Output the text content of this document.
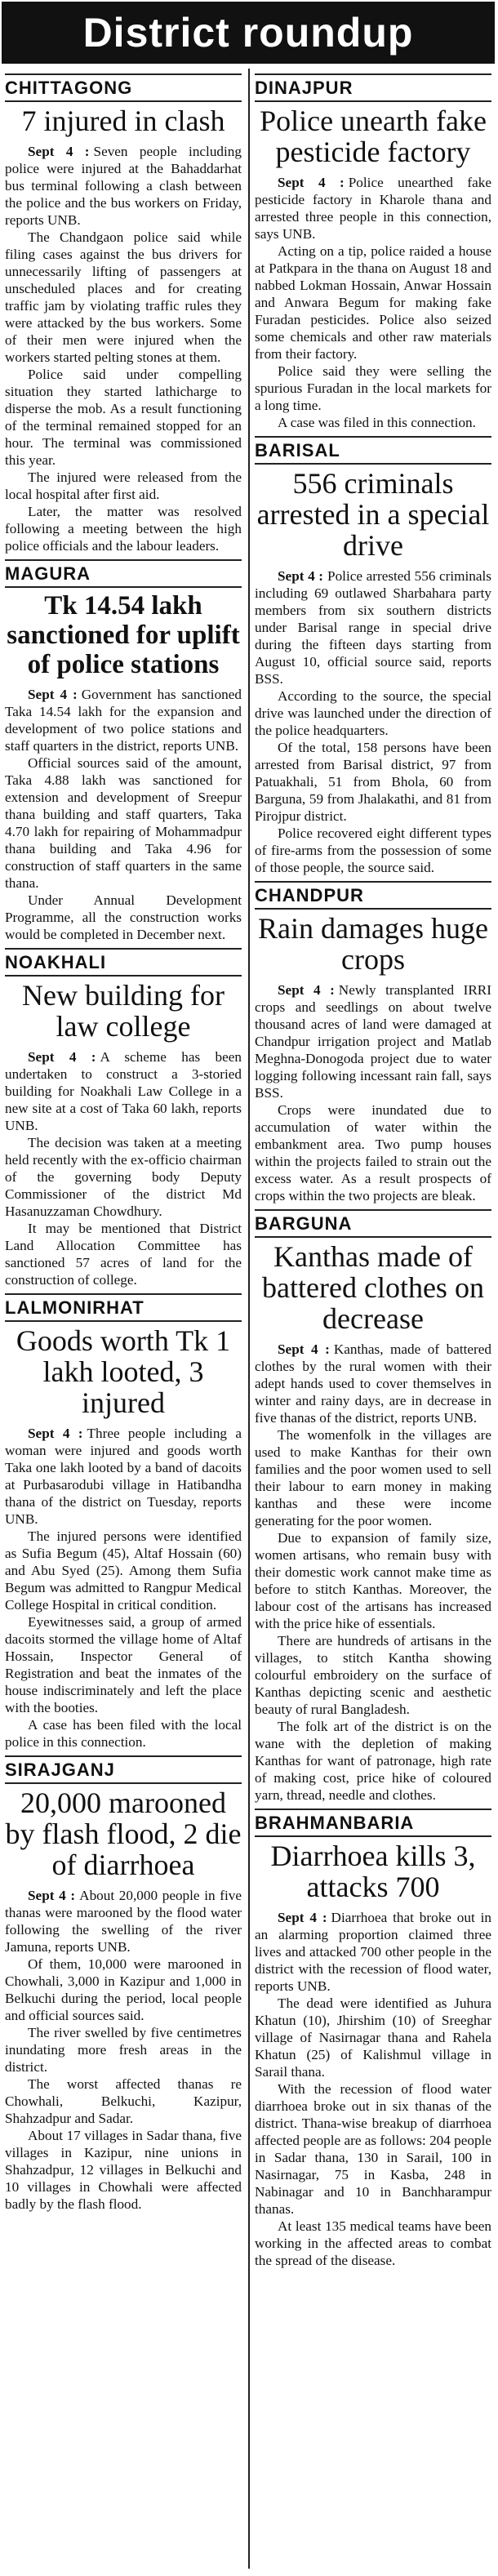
District roundup
CHITTAGONG
7 injured in clash

Sept 4 : Seven people including police were injured at the Bahaddarhat bus terminal following a clash between the police and the bus workers on Friday, reports UNB.

The Chandgaon police said while filing cases against the bus drivers for unnecessarily lifting of passengers at unscheduled places and for creating traffic jam by violating traffic rules they were attacked by the bus workers. Some of their men were injured when the workers started pelting stones at them.

Police said under compelling situation they started lathicharge to disperse the mob. As a result functioning of the terminal remained stopped for an hour. The terminal was commissioned this year.

The injured were released from the local hospital after first aid.

Later, the matter was resolved following a meeting between the high police officials and the labour leaders.

MAGURA
Tk 14.54 lakh sanctioned for uplift of police stations

Sept 4 : Government has sanctioned Taka 14.54 lakh for the expansion and development of two police stations and staff quarters in the district, reports UNB.

Official sources said of the amount, Taka 4.88 lakh was sanctioned for extension and development of Sreepur thana building and staff quarters, Taka 4.70 lakh for repairing of Mohammadpur thana building and Taka 4.96 for construction of staff quarters in the same thana.

Under Annual Development Programme, all the construction works would be completed in December next.

NOAKHALI
New building for law college

Sept 4 : A scheme has been undertaken to construct a 3-storied building for Noakhali Law College in a new site at a cost of Taka 60 lakh, reports UNB.

The decision was taken at a meeting held recently with the ex-officio chairman of the governing body Deputy Commissioner of the district Md Hasanuzzaman Chowdhury.

It may be mentioned that District Land Allocation Committee has sanctioned 57 acres of land for the construction of college.

LALMONIRHAT
Goods worth Tk 1 lakh looted, 3 injured

Sept 4 : Three people including a woman were injured and goods worth Taka one lakh looted by a band of dacoits at Purbasarodubi village in Hatibandha thana of the district on Tuesday, reports UNB.

The injured persons were identified as Sufia Begum (45), Altaf Hossain (60) and Abu Syed (25). Among them Sufia Begum was admitted to Rangpur Medical College Hospital in critical condition.

Eyewitnesses said, a group of armed dacoits stormed the village home of Altaf Hossain, Inspector General of Registration and beat the inmates of the house indiscriminately and left the place with the booties.

A case has been filed with the local police in this connection.

SIRAJGANJ
20,000 marooned by flash flood, 2 die of diarrhoea

Sept 4 : About 20,000 people in five thanas were marooned by the flood water following the swelling of the river Jamuna, reports UNB.

Of them, 10,000 were marooned in Chowhali, 3,000 in Kazipur and 1,000 in Belkuchi during the period, local people and official sources said.

The river swelled by five centimetres inundating more fresh areas in the district.

The worst affected thanas re Chowhali, Belkuchi, Kazipur, Shahzadpur and Sadar.

About 17 villages in Sadar thana, five villages in Kazipur, nine unions in Shahzadpur, 12 villages in Belkuchi and 10 villages in Chowhali were affected badly by the flash flood.

DINAJPUR
Police unearth fake pesticide factory

Sept 4 : Police unearthed fake pesticide factory in Kharole thana and arrested three people in this connection, says UNB.

Acting on a tip, police raided a house at Patkpara in the thana on August 18 and nabbed Lokman Hossain, Anwar Hossain and Anwara Begum for making fake Furadan pesticides. Police also seized some chemicals and other raw materials from their factory.

Police said they were selling the spurious Furadan in the local markets for a long time.

A case was filed in this connection.

BARISAL
556 criminals arrested in a special drive

Sept 4 : Police arrested 556 criminals including 69 outlawed Sharbahara party members from six southern districts under Barisal range in special drive during the fifteen days starting from August 10, official source said, reports BSS.

According to the source, the special drive was launched under the direction of the police headquarters.

Of the total, 158 persons have been arrested from Barisal district, 97 from Patuakhali, 51 from Bhola, 60 from Barguna, 59 from Jhalakathi, and 81 from Pirojpur district.

Police recovered eight different types of fire-arms from the possession of some of those people, the source said.

CHANDPUR
Rain damages huge crops

Sept 4 : Newly transplanted IRRI crops and seedlings on about twelve thousand acres of land were damaged at Chandpur irrigation project and Matlab Meghna-Donogoda project due to water logging following incessant rain fall, says BSS.

Crops were inundated due to accumulation of water within the embankment area. Two pump houses within the projects failed to strain out the excess water. As a result prospects of crops within the two projects are bleak.

BARGUNA
Kanthas made of battered clothes on decrease

Sept 4 : Kanthas, made of battered clothes by the rural women with their adept hands used to cover themselves in winter and rainy days, are in decrease in five thanas of the district, reports UNB.

The womenfolk in the villages are used to make Kanthas for their own families and the poor women used to sell their labour to earn money in making kanthas and these were income generating for the poor women.

Due to expansion of family size, women artisans, who remain busy with their domestic work cannot make time as before to stitch Kanthas. Moreover, the labour cost of the artisans has increased with the price hike of essentials.

There are hundreds of artisans in the villages, to stitch Kantha showing colourful embroidery on the surface of Kanthas depicting scenic and aesthetic beauty of rural Bangladesh.

The folk art of the district is on the wane with the depletion of making Kanthas for want of patronage, high rate of making cost, price hike of coloured yarn, thread, needle and clothes.

BRAHMANBARIA
Diarrhoea kills 3, attacks 700

Sept 4 : Diarrhoea that broke out in an alarming proportion claimed three lives and attacked 700 other people in the district with the recession of flood water, reports UNB.

The dead were identified as Juhura Khatun (10), Jhirshim (10) of Sreeghar village of Nasirnagar thana and Rahela Khatun (25) of Kalishmul village in Sarail thana.

With the recession of flood water diarrhoea broke out in six thanas of the district. Thana-wise breakup of diarrhoea affected people are as follows: 204 people in Sadar thana, 130 in Sarail, 100 in Nasirnagar, 75 in Kasba, 248 in Nabinagar and 10 in Banchharampur thanas.

At least 135 medical teams have been working in the affected areas to combat the spread of the disease.
